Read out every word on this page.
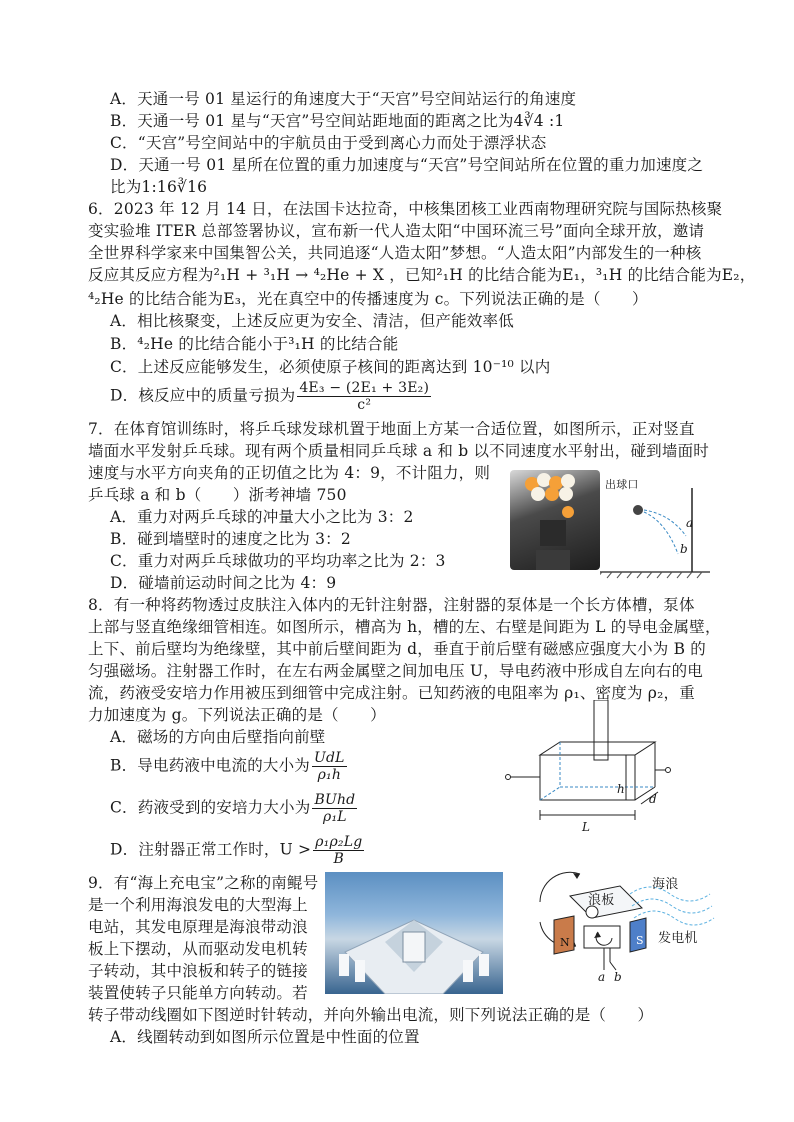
A．天通一号 01 星运行的角速度大于“天宫”号空间站运行的角速度
B．天通一号 01 星与“天宫”号空间站距地面的距离之比为4∛4 :1
C．“天宫”号空间站中的宇航员由于受到离心力而处于漂浮状态
D．天通一号 01 星所在位置的重力加速度与“天宫”号空间站所在位置的重力加速度之
比为1:16∛16
6．2023 年 12 月 14 日，在法国卡达拉奇，中核集团核工业西南物理研究院与国际热核聚
变实验堆 ITER 总部签署协议，宣布新一代人造太阳“中国环流三号”面向全球开放，邀请
全世界科学家来中国集智公关，共同追逐“人造太阳”梦想。“人造太阳”内部发生的一种核
反应其反应方程为²₁H + ³₁H → ⁴₂He + X ，已知²₁H 的比结合能为E₁，³₁H 的比结合能为E₂，
⁴₂He 的比结合能为E₃，光在真空中的传播速度为 c。下列说法正确的是（　　）
A．相比核聚变，上述反应更为安全、清洁，但产能效率低
B．⁴₂He 的比结合能小于³₁H 的比结合能
C．上述反应能够发生，必须使原子核间的距离达到 10⁻¹⁰ 以内
D．核反应中的质量亏损为 $\frac{\text{4E₃ − (2E₁ + 3E₂)}}{\text{c²}}$
7．在体育馆训练时，将乒乓球发球机置于地面上方某一合适位置，如图所示，正对竖直
墙面水平发射乒乓球。现有两个质量相同乒乓球 a 和 b 以不同速度水平射出，碰到墙面时
速度与水平方向夹角的正切值之比为 4：9，不计阻力，则
乒乓球 a 和 b（　　）浙考神墙 750
A．重力对两乒乓球的冲量大小之比为 3：2
B．碰到墙壁时的速度之比为 3：2
C．重力对两乒乓球做功的平均功率之比为 2：3
D．碰墙前运动时间之比为 4：9
出球口
a
b
8．有一种将药物透过皮肤注入体内的无针注射器，注射器的泵体是一个长方体槽，泵体
上部与竖直绝缘细管相连。如图所示，槽高为 h，槽的左、右壁是间距为 L 的导电金属壁，
上下、前后壁均为绝缘壁，其中前后壁间距为 d，垂直于前后壁有磁感应强度大小为 B 的
匀强磁场。注射器工作时，在左右两金属壁之间加电压 U，导电药液中形成自左向右的电
流，药液受安培力作用被压到细管中完成注射。已知药液的电阻率为 ρ₁、密度为 ρ₂，重
力加速度为 g。下列说法正确的是（　　）
A．磁场的方向由后壁指向前壁
B．导电药液中电流的大小为 $\frac{\text{UdL}}{\text{ρ₁h}}$
C．药液受到的安培力大小为 $\frac{\text{BUhd}}{\text{ρ₁L}}$
D．注射器正常工作时，$U > \frac{\text{ρ₁ρ₂Lg}}{B}$
h
d
L
9．有“海上充电宝”之称的南鲲号
是一个利用海浪发电的大型海上
电站，其发电原理是海浪带动浪
板上下摆动，从而驱动发电机转
子转动，其中浪板和转子的链接
装置使转子只能单方向转动。若
转子带动线圈如下图逆时针转动，并向外输出电流，则下列说法正确的是（　　）
A．线圈转动到如图所示位置是中性面的位置
海浪
浪板
发电机
N	S
a b
